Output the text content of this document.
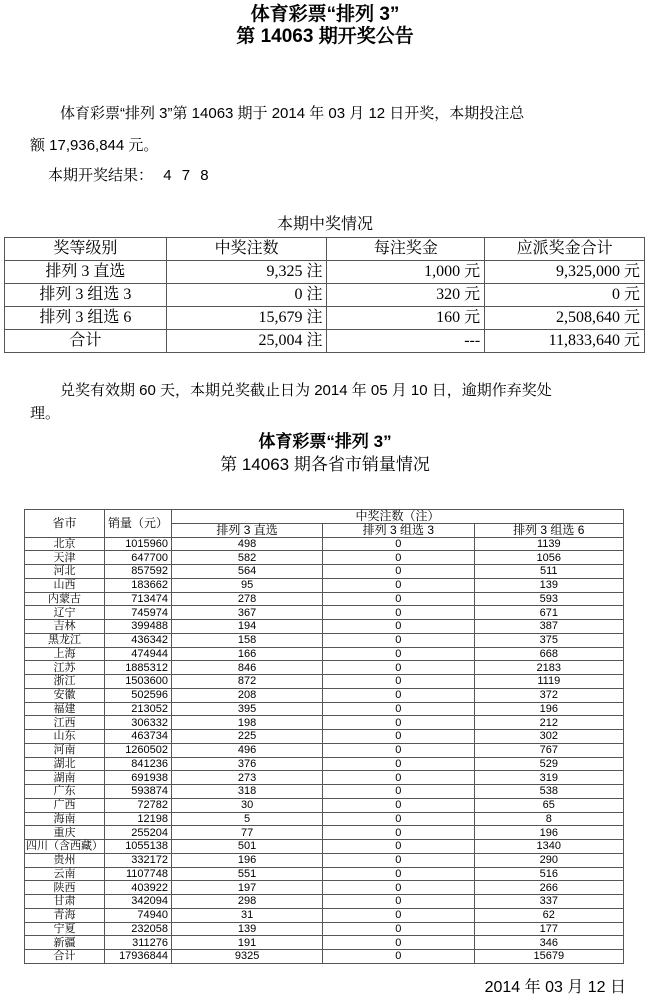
体育彩票“排列 3”
第 14063 期开奖公告
体育彩票“排列 3”第 14063 期于 2014 年 03 月 12 日开奖，本期投注总
额 17,936,844 元。
本期开奖结果： 4 7 8
本期中奖情况
奖等级别	中奖注数	每注奖金	应派奖金合计
排列 3 直选	9,325 注	1,000 元	9,325,000 元
排列 3 组选 3	0 注	320 元	0 元
排列 3 组选 6	15,679 注	160 元	2,508,640 元
合计	25,004 注	---	11,833,640 元
兑奖有效期 60 天，本期兑奖截止日为 2014 年 05 月 10 日，逾期作弃奖处
理。
体育彩票“排列 3”
第 14063 期各省市销量情况
省市	销量（元）	中奖注数（注）		
		排列 3 直选	排列 3 组选 3	排列 3 组选 6
北京	1015960	498	0	1139
天津	647700	582	0	1056
河北	857592	564	0	511
山西	183662	95	0	139
内蒙古	713474	278	0	593
辽宁	745974	367	0	671
吉林	399488	194	0	387
黑龙江	436342	158	0	375
上海	474944	166	0	668
江苏	1885312	846	0	2183
浙江	1503600	872	0	1119
安徽	502596	208	0	372
福建	213052	395	0	196
江西	306332	198	0	212
山东	463734	225	0	302
河南	1260502	496	0	767
湖北	841236	376	0	529
湖南	691938	273	0	319
广东	593874	318	0	538
广西	72782	30	0	65
海南	12198	5	0	8
重庆	255204	77	0	196
四川（含西藏）	1055138	501	0	1340
贵州	332172	196	0	290
云南	1107748	551	0	516
陕西	403922	197	0	266
甘肃	342094	298	0	337
青海	74940	31	0	62
宁夏	232058	139	0	177
新疆	311276	191	0	346
合计	17936844	9325	0	15679
2014 年 03 月 12 日
